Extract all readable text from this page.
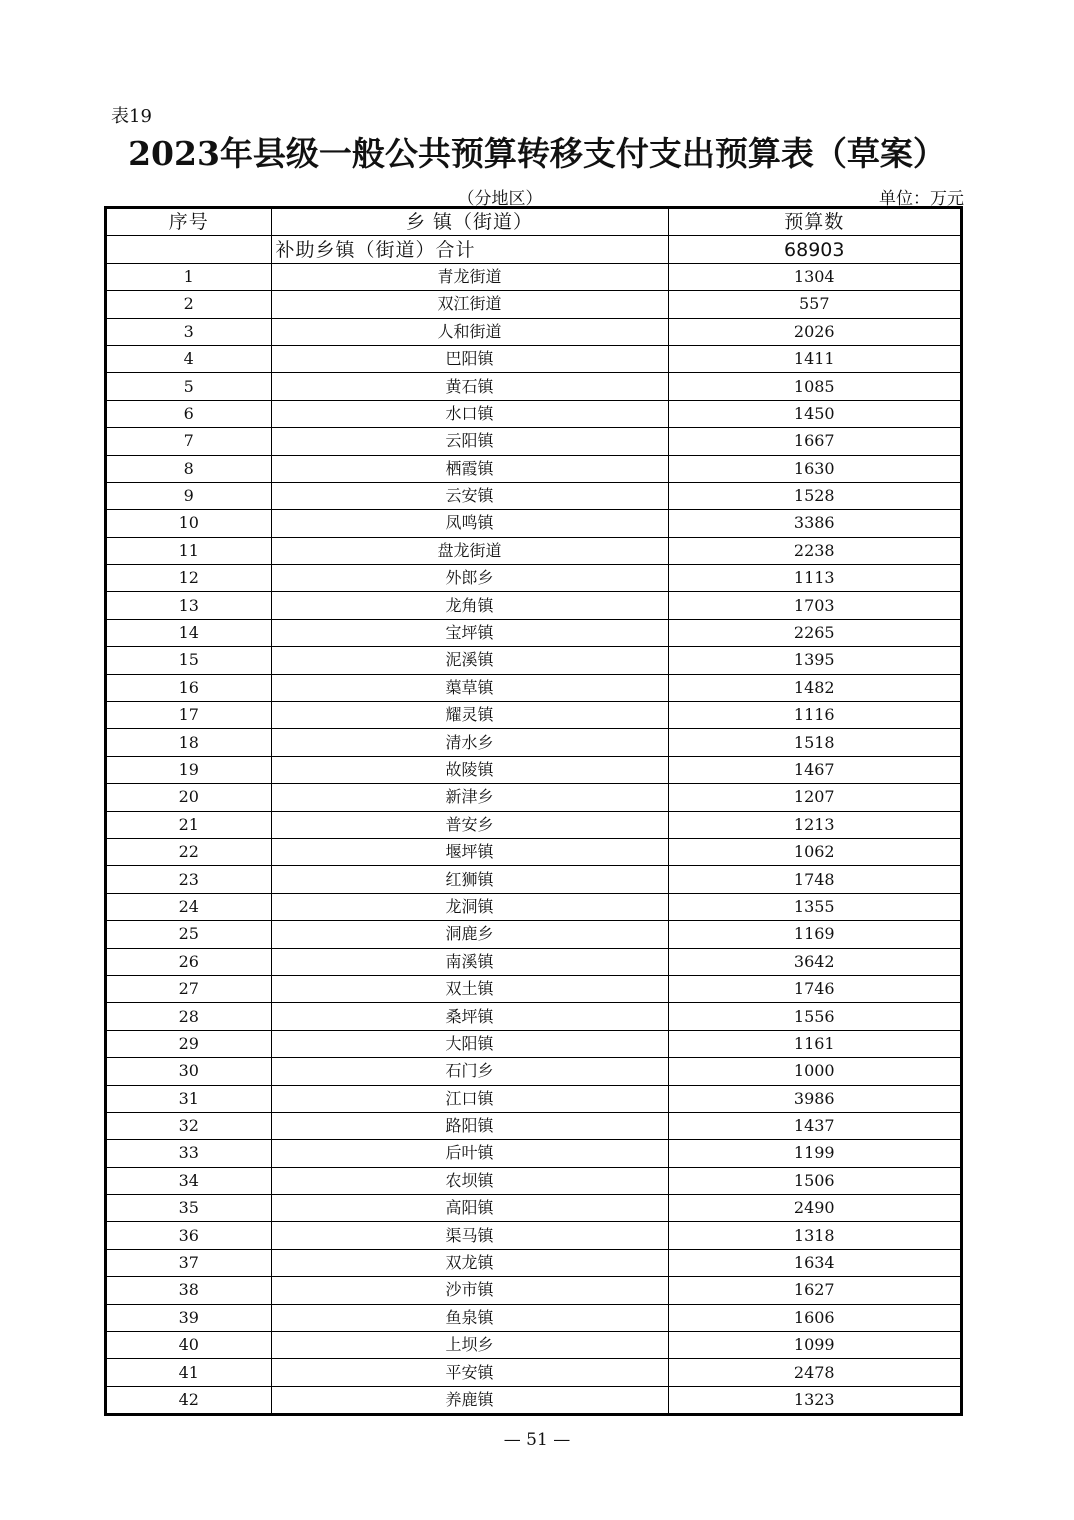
表19
2023年县级一般公共预算转移支付支出预算表（草案）
（分地区）	单位：万元
序号	乡 镇（街道）	预算数
	补助乡镇（街道）合计	68903
1	青龙街道	1304
2	双江街道	557
3	人和街道	2026
4	巴阳镇	1411
5	黄石镇	1085
6	水口镇	1450
7	云阳镇	1667
8	栖霞镇	1630
9	云安镇	1528
10	凤鸣镇	3386
11	盘龙街道	2238
12	外郎乡	1113
13	龙角镇	1703
14	宝坪镇	2265
15	泥溪镇	1395
16	蕖草镇	1482
17	耀灵镇	1116
18	清水乡	1518
19	故陵镇	1467
20	新津乡	1207
21	普安乡	1213
22	堰坪镇	1062
23	红狮镇	1748
24	龙洞镇	1355
25	洞鹿乡	1169
26	南溪镇	3642
27	双土镇	1746
28	桑坪镇	1556
29	大阳镇	1161
30	石门乡	1000
31	江口镇	3986
32	路阳镇	1437
33	后叶镇	1199
34	农坝镇	1506
35	高阳镇	2490
36	渠马镇	1318
37	双龙镇	1634
38	沙市镇	1627
39	鱼泉镇	1606
40	上坝乡	1099
41	平安镇	2478
42	养鹿镇	1323
— 51 —
